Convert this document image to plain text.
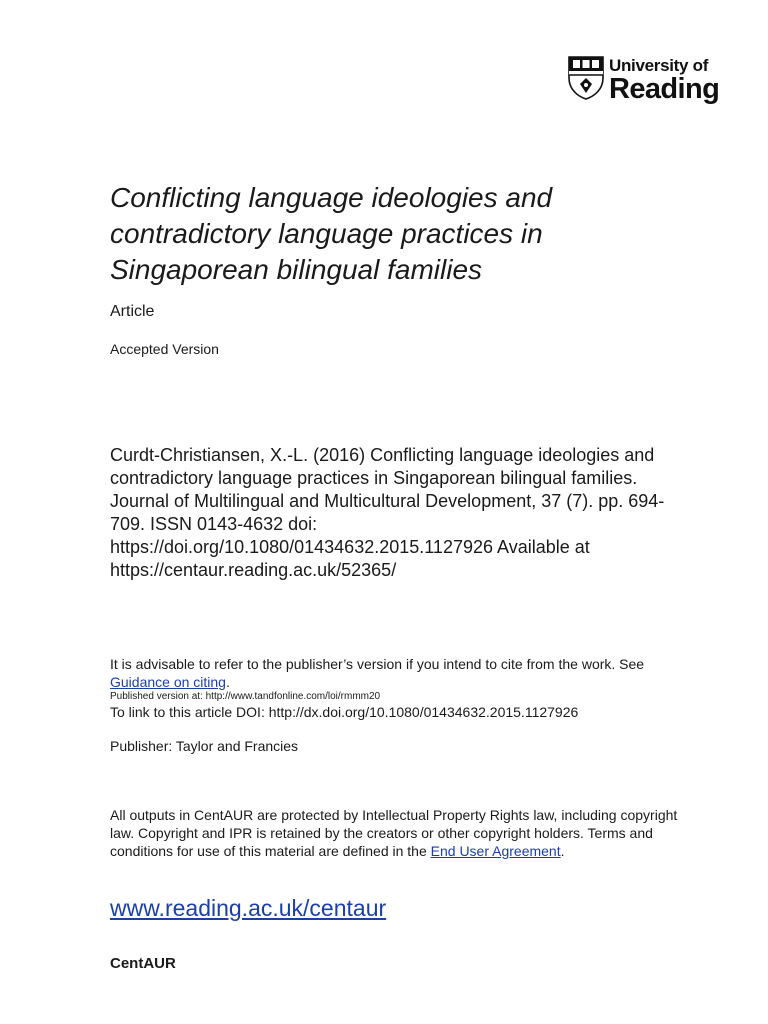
University of
Reading
Conflicting language ideologies and contradictory language practices in Singaporean bilingual families
Article
Accepted Version
Curdt-Christiansen, X.-L. (2016) Conflicting language ideologies and contradictory language practices in Singaporean bilingual families. Journal of Multilingual and Multicultural Development, 37 (7). pp. 694-709. ISSN 0143-4632 doi: https://doi.org/10.1080/01434632.2015.1127926 Available at https://centaur.reading.ac.uk/52365/
It is advisable to refer to the publisher’s version if you intend to cite from the work. See Guidance on citing.
Published version at: http://www.tandfonline.com/loi/rmmm20
To link to this article DOI: http://dx.doi.org/10.1080/01434632.2015.1127926
Publisher: Taylor and Francies
All outputs in CentAUR are protected by Intellectual Property Rights law, including copyright law. Copyright and IPR is retained by the creators or other copyright holders. Terms and conditions for use of this material are defined in the End User Agreement.
www.reading.ac.uk/centaur
CentAUR
